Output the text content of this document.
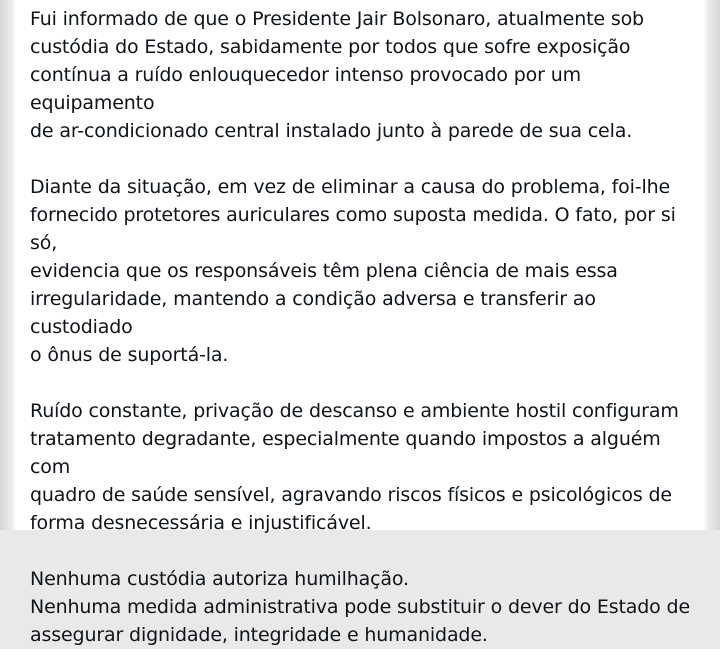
Fui informado de que o Presidente Jair Bolsonaro, atualmente sob
custódia do Estado, sabidamente por todos que sofre exposição
contínua a ruído enlouquecedor intenso provocado por um equipamento
de ar-condicionado central instalado junto à parede de sua cela.

Diante da situação, em vez de eliminar a causa do problema, foi-lhe
fornecido protetores auriculares como suposta medida. O fato, por si só,
evidencia que os responsáveis têm plena ciência de mais essa
irregularidade, mantendo a condição adversa e transferir ao custodiado
o ônus de suportá-la.

Ruído constante, privação de descanso e ambiente hostil configuram
tratamento degradante, especialmente quando impostos a alguém com
quadro de saúde sensível, agravando riscos físicos e psicológicos de
forma desnecessária e injustificável.

Nenhuma custódia autoriza humilhação.
Nenhuma medida administrativa pode substituir o dever do Estado de
assegurar dignidade, integridade e humanidade.
